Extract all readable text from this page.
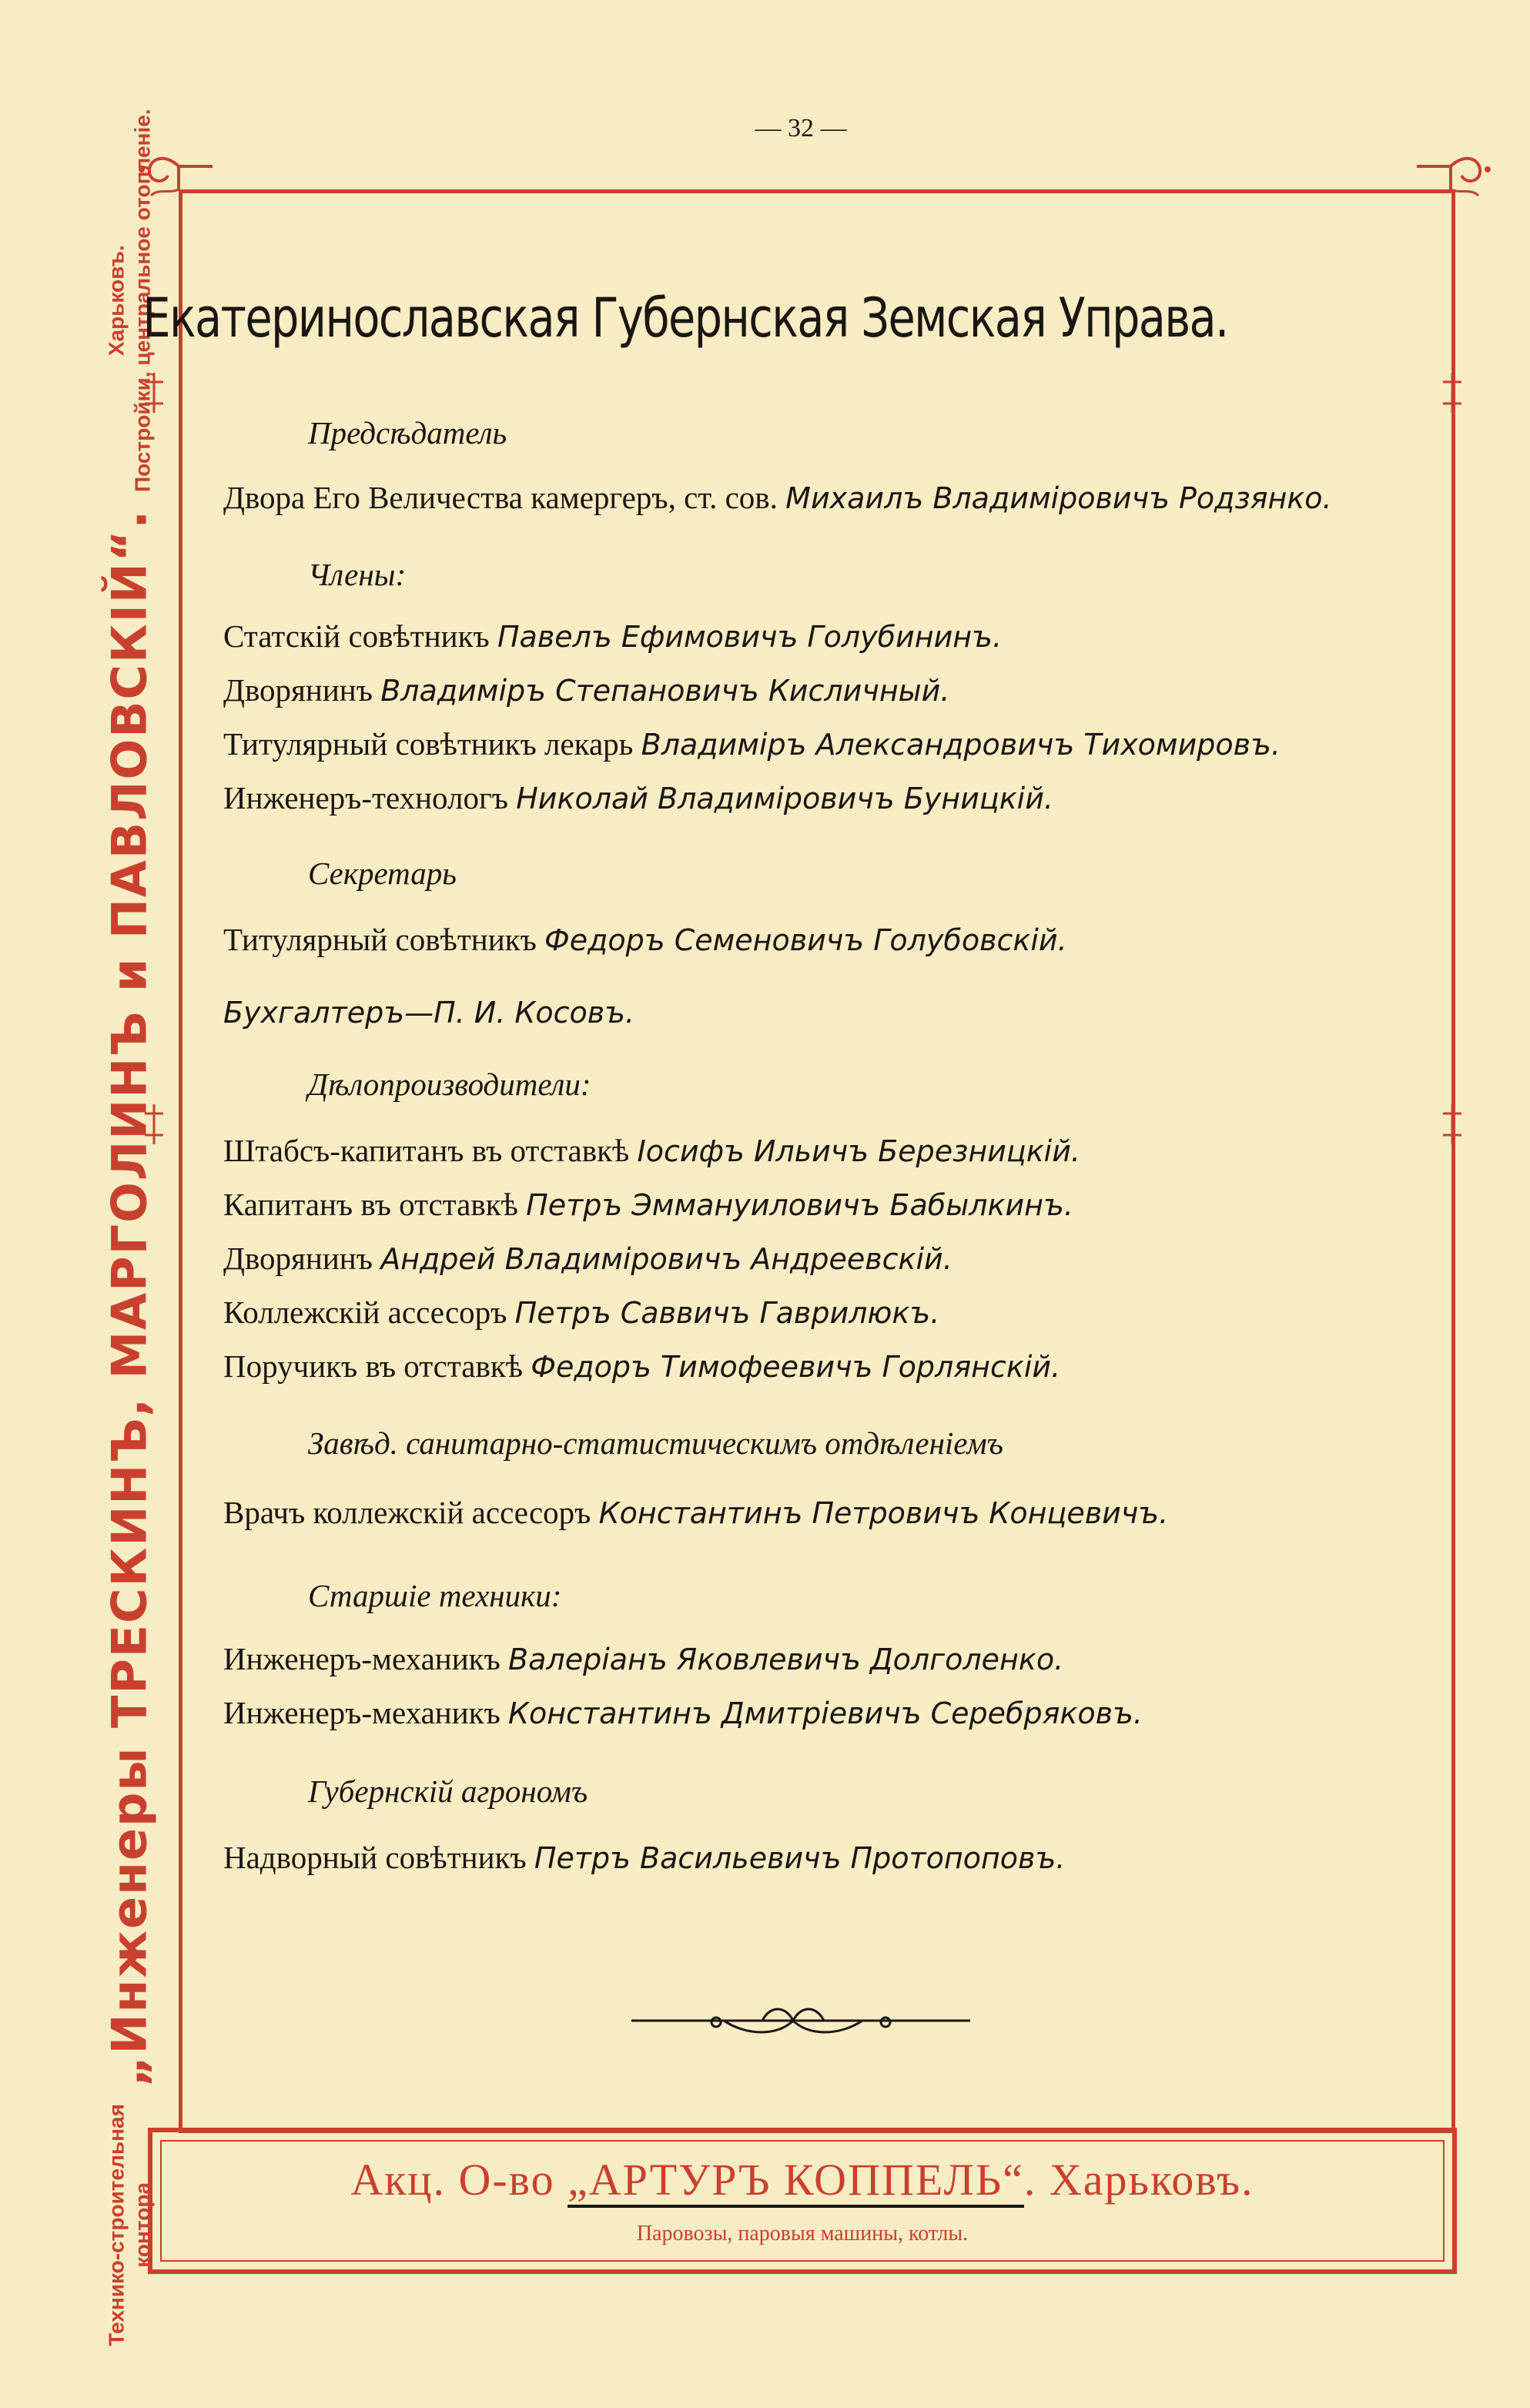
— 32 —
Технико-строительная контора
„Инженеры ТРЕСКИНЪ, МАРГОЛИНЪ и ПАВЛОВСКІЙ“.
Харьковъ. Постройки, центральное отопленіе.
Екатеринославская Губернская Земская Управа.
Предсѣдатель
Двора Его Величества камергеръ, ст. сов. Михаилъ Владиміровичъ Родзянко.
Члены:
Статскій совѣтникъ Павелъ Ефимовичъ Голубининъ.
Дворянинъ Владиміръ Степановичъ Кисличный.
Титулярный совѣтникъ лекарь Владиміръ Александровичъ Тихомировъ.
Инженеръ-технологъ Николай Владиміровичъ Буницкій.
Секретарь
Титулярный совѣтникъ Федоръ Семеновичъ Голубовскій.
Бухгалтеръ—П. И. Косовъ.
Дѣлопроизводители:
Штабсъ-капитанъ въ отставкѣ Іосифъ Ильичъ Березницкій.
Капитанъ въ отставкѣ Петръ Эммануиловичъ Бабылкинъ.
Дворянинъ Андрей Владиміровичъ Андреевскій.
Коллежскій ассесоръ Петръ Саввичъ Гаврилюкъ.
Поручикъ въ отставкѣ Федоръ Тимофеевичъ Горлянскій.
Завѣд. санитарно-статистическимъ отдѣленіемъ
Врачъ коллежскій ассесоръ Константинъ Петровичъ Концевичъ.
Старшіе техники:
Инженеръ-механикъ Валеріанъ Яковлевичъ Долголенко.
Инженеръ-механикъ Константинъ Дмитріевичъ Серебряковъ.
Губернскій агрономъ
Надворный совѣтникъ Петръ Васильевичъ Протопоповъ.
Акц. О-во „АРТУРЪ КОППЕЛЬ“. Харьковъ.
Паровозы, паровыя машины, котлы.
